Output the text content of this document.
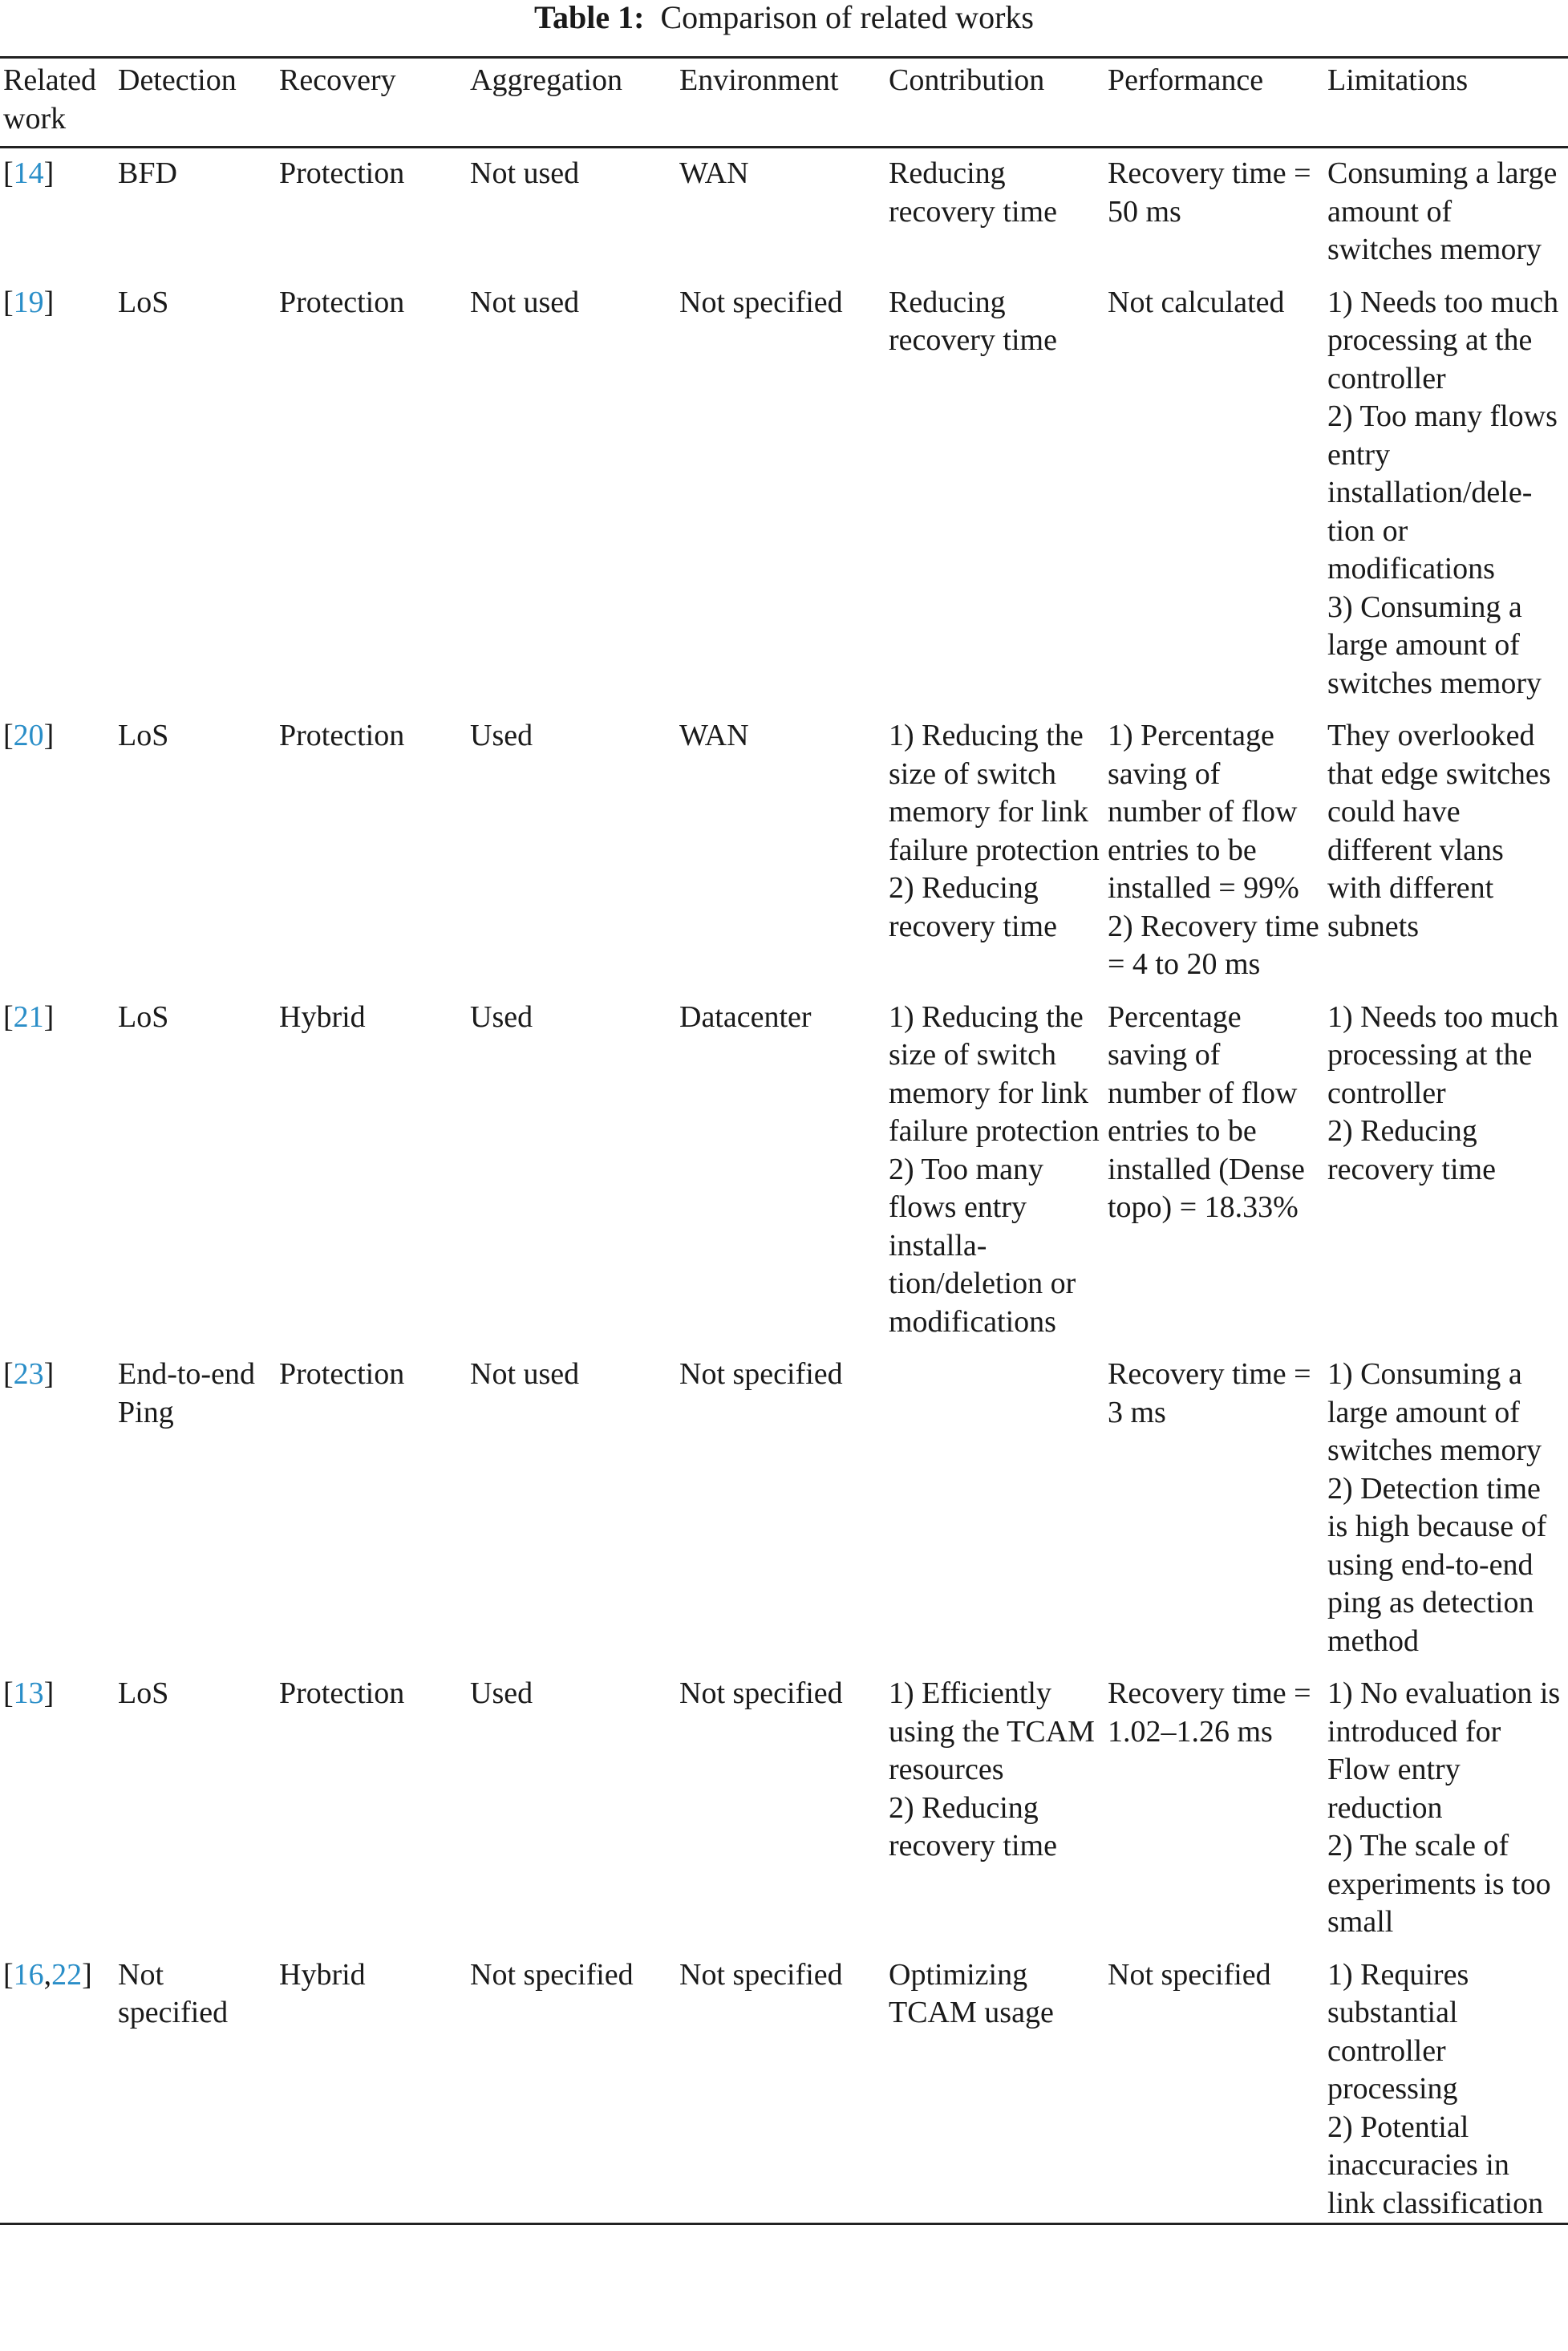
Table 1: Comparison of related works
Related work	Detection	Recovery	Aggregation	Environment	Contribution	Performance	Limitations
[14]	BFD	Protection	Not used	WAN	Reducing recovery time	Recovery time = 50 ms	Consuming a large amount of switches memory
[19]	LoS	Protection	Not used	Not specified	Reducing recovery time	Not calculated	1) Needs too much processing at the controller
2) Too many flows entry installation/dele-tion or modifications
3) Consuming a large amount of switches memory
[20]	LoS	Protection	Used	WAN	1) Reducing the size of switch memory for link failure protection
2) Reducing recovery time	1) Percentage saving of number of flow entries to be installed = 99%
2) Recovery time = 4 to 20 ms	They overlooked that edge switches could have different vlans with different subnets
[21]	LoS	Hybrid	Used	Datacenter	1) Reducing the size of switch memory for link failure protection
2) Too many flows entry installa-tion/deletion or modifications	Percentage saving of number of flow entries to be installed (Dense topo) = 18.33%	1) Needs too much processing at the controller
2) Reducing recovery time
[23]	End-to-end Ping	Protection	Not used	Not specified		Recovery time = 3 ms	1) Consuming a large amount of switches memory
2) Detection time is high because of using end-to-end ping as detection method
[13]	LoS	Protection	Used	Not specified	1) Efficiently using the TCAM resources
2) Reducing recovery time	Recovery time = 1.02–1.26 ms	1) No evaluation is introduced for Flow entry reduction
2) The scale of experiments is too small
[16,22]	Not specified	Hybrid	Not specified	Not specified	Optimizing TCAM usage	Not specified	1) Requires substantial controller processing
2) Potential inaccuracies in link classification
